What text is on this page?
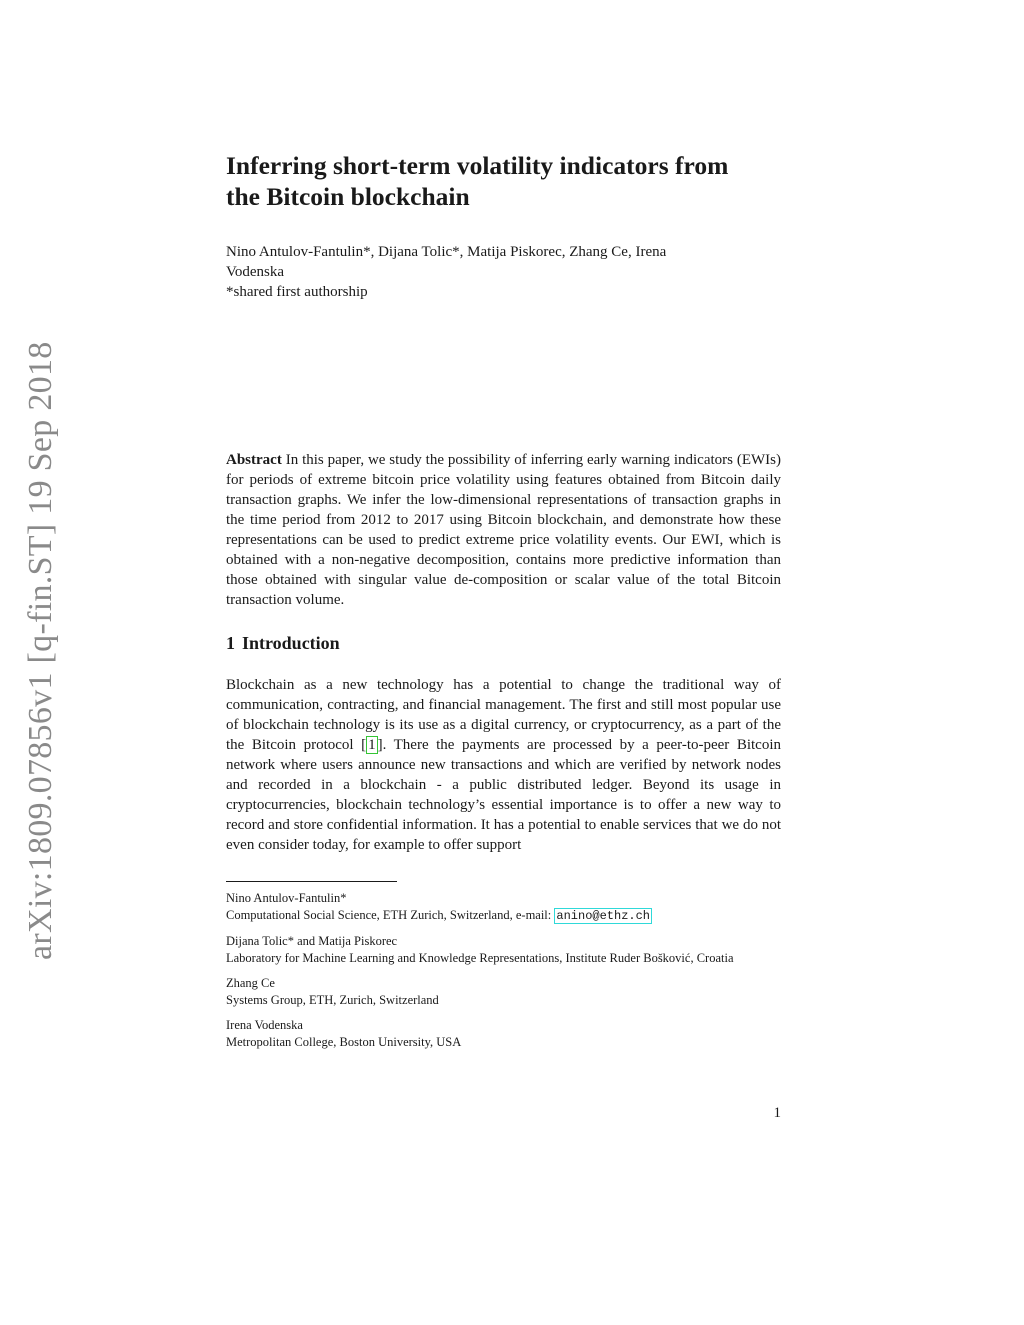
arXiv:1809.07856v1 [q-fin.ST] 19 Sep 2018
Inferring short-term volatility indicators from
the Bitcoin blockchain
Nino Antulov-Fantulin*, Dijana Tolic*, Matija Piskorec, Zhang Ce, Irena
Vodenska
*shared first authorship
Abstract In this paper, we study the possibility of inferring early warning indicators (EWIs) for periods of extreme bitcoin price volatility using features obtained from Bitcoin daily transaction graphs. We infer the low-dimensional representations of transaction graphs in the time period from 2012 to 2017 using Bitcoin blockchain, and demonstrate how these representations can be used to predict extreme price volatility events. Our EWI, which is obtained with a non-negative decomposition, contains more predictive information than those obtained with singular value de-composition or scalar value of the total Bitcoin transaction volume.
1 Introduction
Blockchain as a new technology has a potential to change the traditional way of communication, contracting, and financial management. The first and still most popular use of blockchain technology is its use as a digital currency, or cryptocurrency, as a part of the the Bitcoin protocol [ 1 ]. There the payments are processed by a peer-to-peer Bitcoin network where users announce new transactions and which are verified by network nodes and recorded in a blockchain - a public distributed ledger. Beyond its usage in cryptocurrencies, blockchain technology’s essential importance is to offer a new way to record and store confidential information. It has a potential to enable services that we do not even consider today, for example to offer support
Nino Antulov-Fantulin*
Computational Social Science, ETH Zurich, Switzerland, e-mail: anino@ethz.ch
Dijana Tolic* and Matija Piskorec
Laboratory for Machine Learning and Knowledge Representations, Institute Ruder Bošković, Croatia
Zhang Ce
Systems Group, ETH, Zurich, Switzerland
Irena Vodenska
Metropolitan College, Boston University, USA
1
